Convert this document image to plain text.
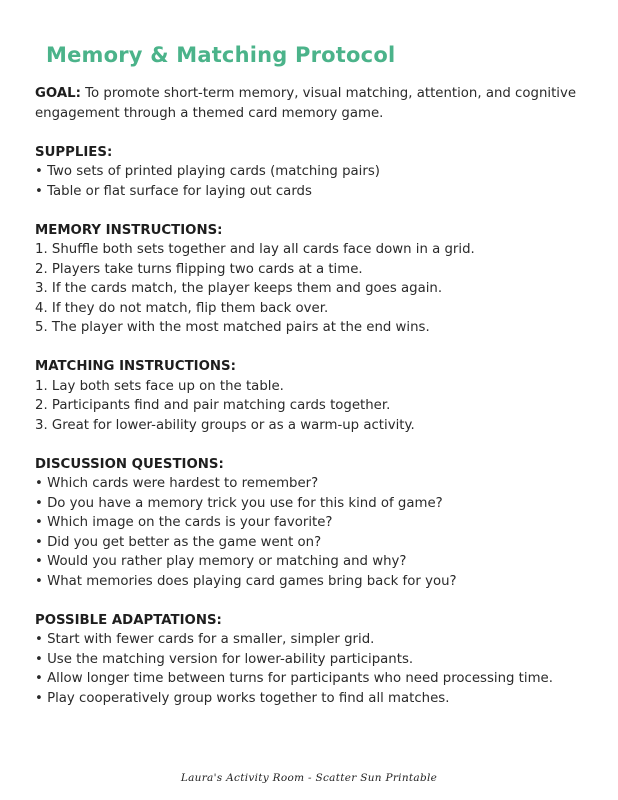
Memory & Matching Protocol

GOAL: To promote short-term memory, visual matching, attention, and cognitive engagement through a themed card memory game.

SUPPLIES:
• Two sets of printed playing cards (matching pairs)
• Table or flat surface for laying out cards
MEMORY INSTRUCTIONS:
1. Shuffle both sets together and lay all cards face down in a grid.
2. Players take turns flipping two cards at a time.
3. If the cards match, the player keeps them and goes again.
4. If they do not match, flip them back over.
5. The player with the most matched pairs at the end wins.
MATCHING INSTRUCTIONS:
1. Lay both sets face up on the table.
2. Participants find and pair matching cards together.
3. Great for lower-ability groups or as a warm-up activity.
DISCUSSION QUESTIONS:
• Which cards were hardest to remember?
• Do you have a memory trick you use for this kind of game?
• Which image on the cards is your favorite?
• Did you get better as the game went on?
• Would you rather play memory or matching and why?
• What memories does playing card games bring back for you?
POSSIBLE ADAPTATIONS:
• Start with fewer cards for a smaller, simpler grid.
• Use the matching version for lower-ability participants.
• Allow longer time between turns for participants who need processing time.
• Play cooperatively group works together to find all matches.
Laura's Activity Room - Scatter Sun Printable
